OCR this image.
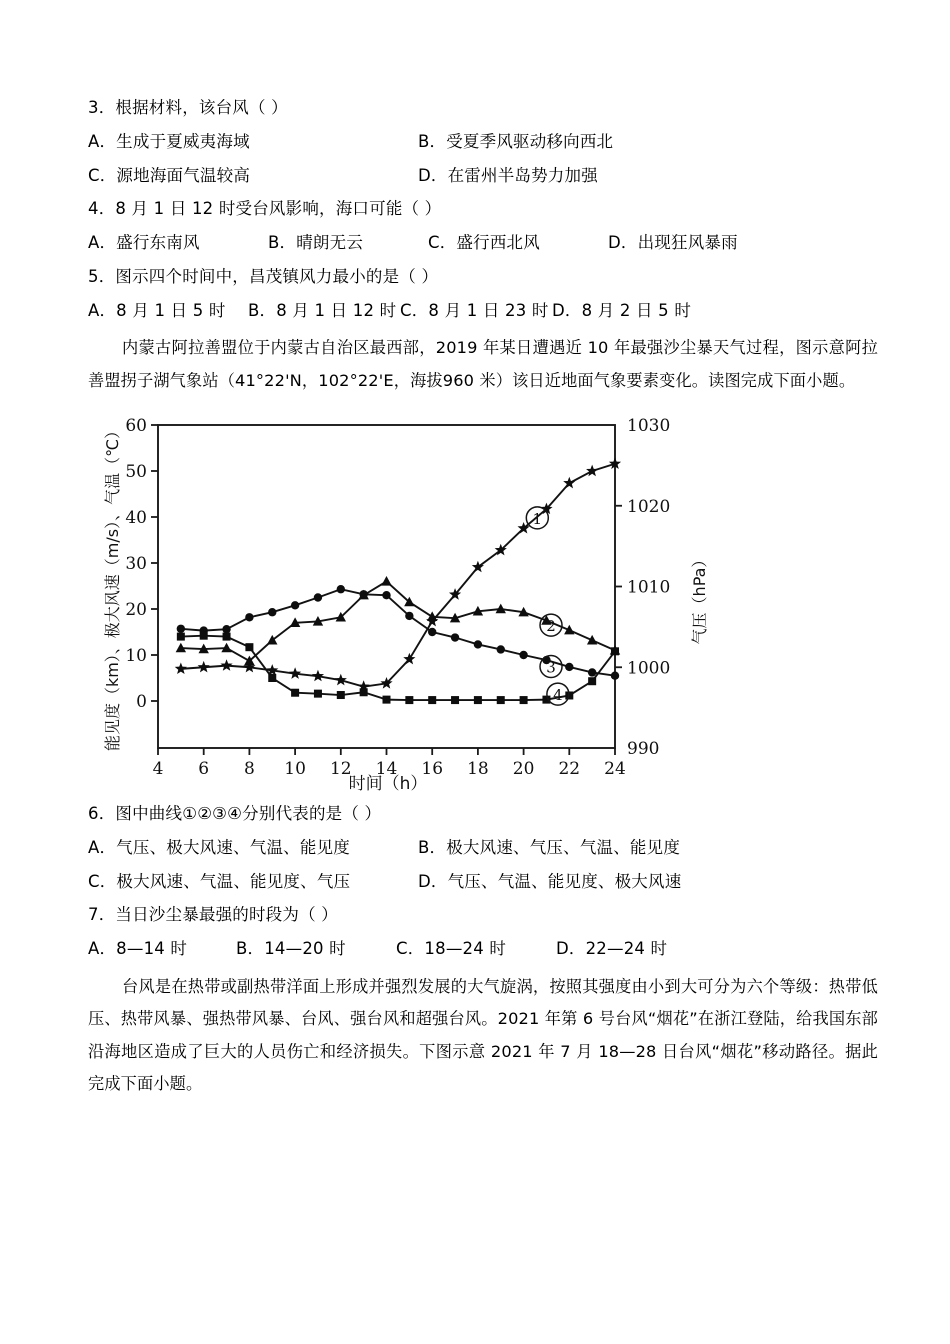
3．根据材料，该台风（ ）
A．生成于夏威夷海域	B．受夏季风驱动移向西北
C．源地海面气温较高	D．在雷州半岛势力加强
4．8 月 1 日 12 时受台风影响，海口可能（ ）
A．盛行东南风	B．晴朗无云	C．盛行西北风	D．出现狂风暴雨
5．图示四个时间中，昌茂镇风力最小的是（ ）
A．8 月 1 日 5 时	B．8 月 1 日 12 时 C．8 月 1 日 23 时 D．8 月 2 日 5 时
内蒙古阿拉善盟位于内蒙古自治区最西部，2019 年某日遭遇近 10 年最强沙尘暴天气过程，图示意阿拉善盟拐子湖气象站（41°22'N，102°22'E，海拔960 米）该日近地面气象要素变化。读图完成下面小题。
0
10
20
30
40
50
60
990
1000
1010
1020
1030
4 6 8 10 12 14 16 18 20 22 24
1
2
3
4
时间（h）
能见度（km）、极大风速（m/s）、气温（℃）	气压（hPa）
6．图中曲线①②③④分别代表的是（ ）
A．气压、极大风速、气温、能见度	B．极大风速、气压、气温、能见度
C．极大风速、气温、能见度、气压	D．气压、气温、能见度、极大风速
7．当日沙尘暴最强的时段为（ ）
A．8—14 时	B．14—20 时	C．18—24 时	D．22—24 时
台风是在热带或副热带洋面上形成并强烈发展的大气旋涡，按照其强度由小到大可分为六个等级：热带低压、热带风暴、强热带风暴、台风、强台风和超强台风。2021 年第 6 号台风“烟花”在浙江登陆，给我国东部沿海地区造成了巨大的人员伤亡和经济损失。下图示意 2021 年 7 月 18—28 日台风“烟花”移动路径。据此完成下面小题。
